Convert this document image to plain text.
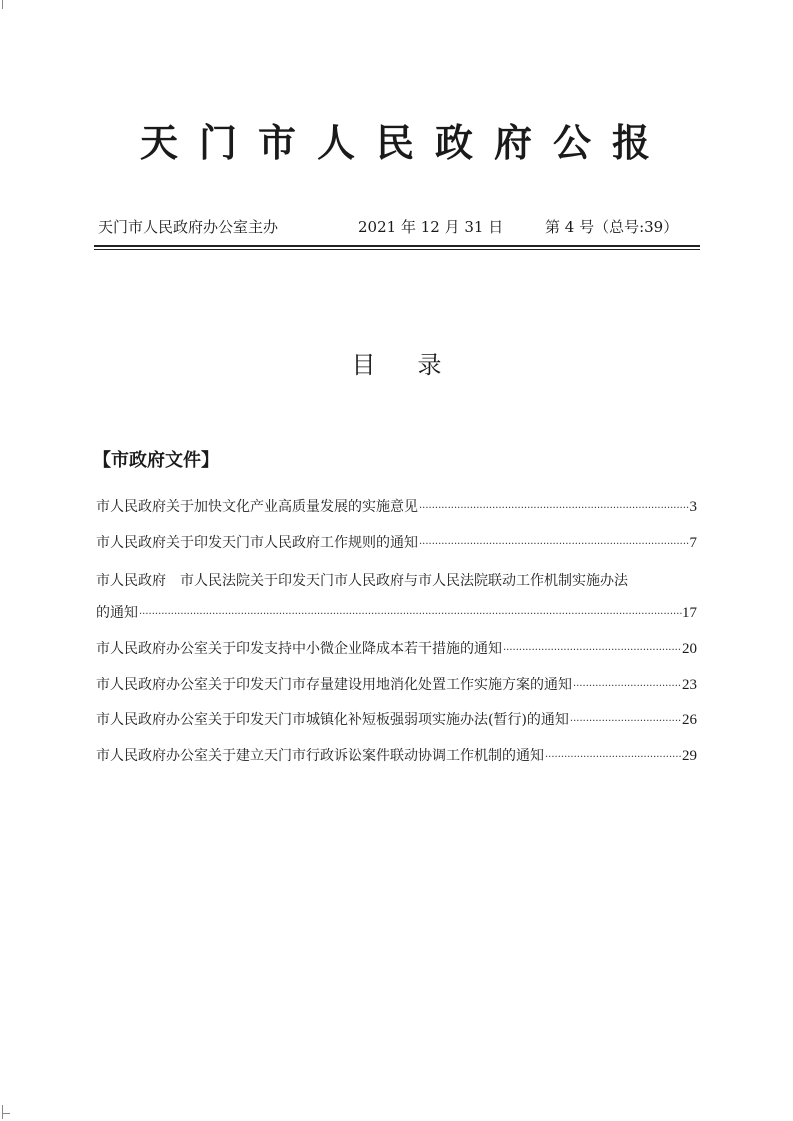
天门市人民政府公报
天门市人民政府办公室主办	2021 年 12 月 31 日	第 4 号（总号:39）
目录
【市政府文件】
市人民政府关于加快文化产业高质量发展的实施意见 ·····	3
市人民政府关于印发天门市人民政府工作规则的通知 ·····	7
市人民政府　市人民法院关于印发天门市人民政府与市人民法院联动工作机制实施办法
的通知 ·····	17
市人民政府办公室关于印发支持中小微企业降成本若干措施的通知 ·····	20
市人民政府办公室关于印发天门市存量建设用地消化处置工作实施方案的通知 ·····	23
市人民政府办公室关于印发天门市城镇化补短板强弱项实施办法(暂行)的通知 ·····	26
市人民政府办公室关于建立天门市行政诉讼案件联动协调工作机制的通知 ·····	29
